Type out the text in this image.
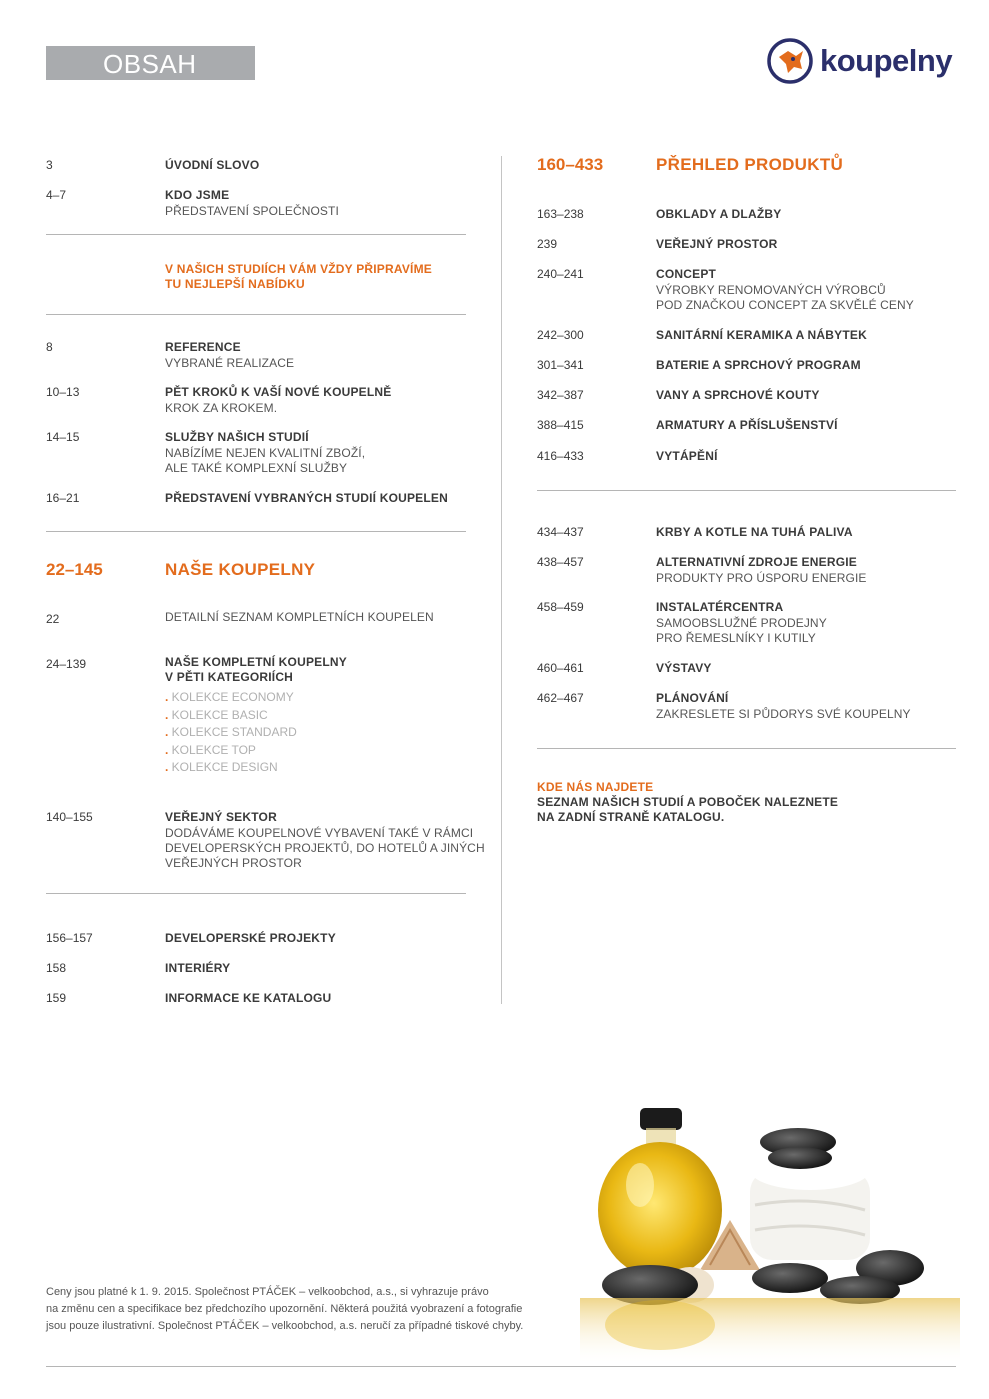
OBSAH	koupelny
3	ÚVODNÍ SLOVO
4–7	KDO JSME
PŘEDSTAVENÍ SPOLEČNOSTI
V NAŠICH STUDIÍCH VÁM VŽDY PŘIPRAVÍME
TU NEJLEPŠÍ NABÍDKU
8	REFERENCE
VYBRANÉ REALIZACE
10–13	PĚT KROKŮ K VAŠÍ NOVÉ KOUPELNĚ
KROK ZA KROKEM.
14–15	SLUŽBY NAŠICH STUDIÍ
NABÍZÍME NEJEN KVALITNÍ ZBOŽÍ,
ALE TAKÉ KOMPLEXNÍ SLUŽBY
16–21	PŘEDSTAVENÍ VYBRANÝCH STUDIÍ KOUPELEN
22–145	NAŠE KOUPELNY
22	DETAILNÍ SEZNAM KOMPLETNÍCH KOUPELEN
24–139	NAŠE KOMPLETNÍ KOUPELNY
V PĚTI KATEGORIÍCH
. KOLEKCE ECONOMY
. KOLEKCE BASIC
. KOLEKCE STANDARD
. KOLEKCE TOP
. KOLEKCE DESIGN
140–155	VEŘEJNÝ SEKTOR
DODÁVÁME KOUPELNOVÉ VYBAVENÍ TAKÉ V RÁMCI
DEVELOPERSKÝCH PROJEKTŮ, DO HOTELŮ A JINÝCH
VEŘEJNÝCH PROSTOR
156–157	DEVELOPERSKÉ PROJEKTY
158	INTERIÉRY
159	INFORMACE KE KATALOGU
160–433	PŘEHLED PRODUKTŮ
163–238	OBKLADY A DLAŽBY
239	VEŘEJNÝ PROSTOR
240–241	CONCEPT
VÝROBKY RENOMOVANÝCH VÝROBCŮ
POD ZNAČKOU CONCEPT ZA SKVĚLÉ CENY
242–300	SANITÁRNÍ KERAMIKA A NÁBYTEK
301–341	BATERIE A SPRCHOVÝ PROGRAM
342–387	VANY A SPRCHOVÉ KOUTY
388–415	ARMATURY A PŘÍSLUŠENSTVÍ
416–433	VYTÁPĚNÍ
434–437	KRBY A KOTLE NA TUHÁ PALIVA
438–457	ALTERNATIVNÍ ZDROJE ENERGIE
PRODUKTY PRO ÚSPORU ENERGIE
458–459	INSTALATÉRCENTRA
SAMOOBSLUŽNÉ PRODEJNY
PRO ŘEMESLNÍKY I KUTILY
460–461	VÝSTAVY
462–467	PLÁNOVÁNÍ
ZAKRESLETE SI PŮDORYS SVÉ KOUPELNY
KDE NÁS NAJDETE
SEZNAM NAŠICH STUDIÍ A POBOČEK NALEZNETE
NA ZADNÍ STRANĚ KATALOGU.
Ceny jsou platné k 1. 9. 2015. Společnost PTÁČEK – velkoobchod, a.s., si vyhrazuje právo
na změnu cen a specifikace bez předchozího upozornění. Některá použitá vyobrazení a fotografie
jsou pouze ilustrativní. Společnost PTÁČEK – velkoobchod, a.s. neručí za případné tiskové chyby.
